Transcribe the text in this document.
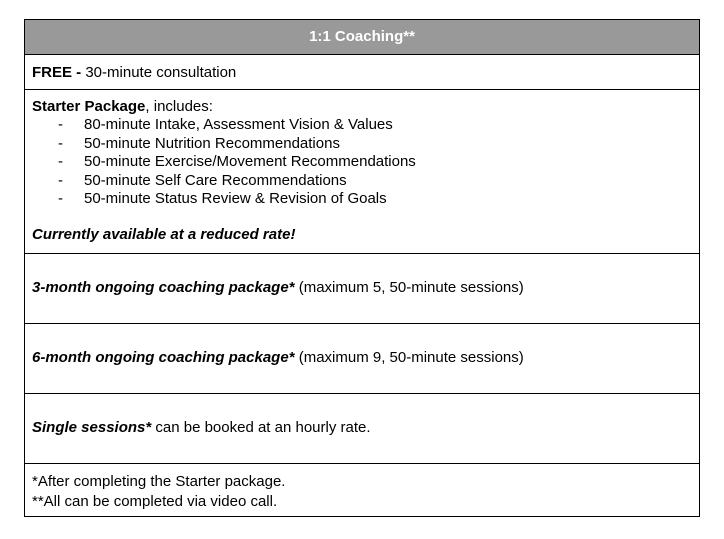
1:1 Coaching**
FREE - 30-minute consultation
Starter Package, includes:
- 80-minute Intake, Assessment Vision & Values
- 50-minute Nutrition Recommendations
- 50-minute Exercise/Movement Recommendations
- 50-minute Self Care Recommendations
- 50-minute Status Review & Revision of Goals
Currently available at a reduced rate!
3-month ongoing coaching package* (maximum 5, 50-minute sessions)
6-month ongoing coaching package* (maximum 9, 50-minute sessions)
Single sessions* can be booked at an hourly rate.
*After completing the Starter package.
**All can be completed via video call.
